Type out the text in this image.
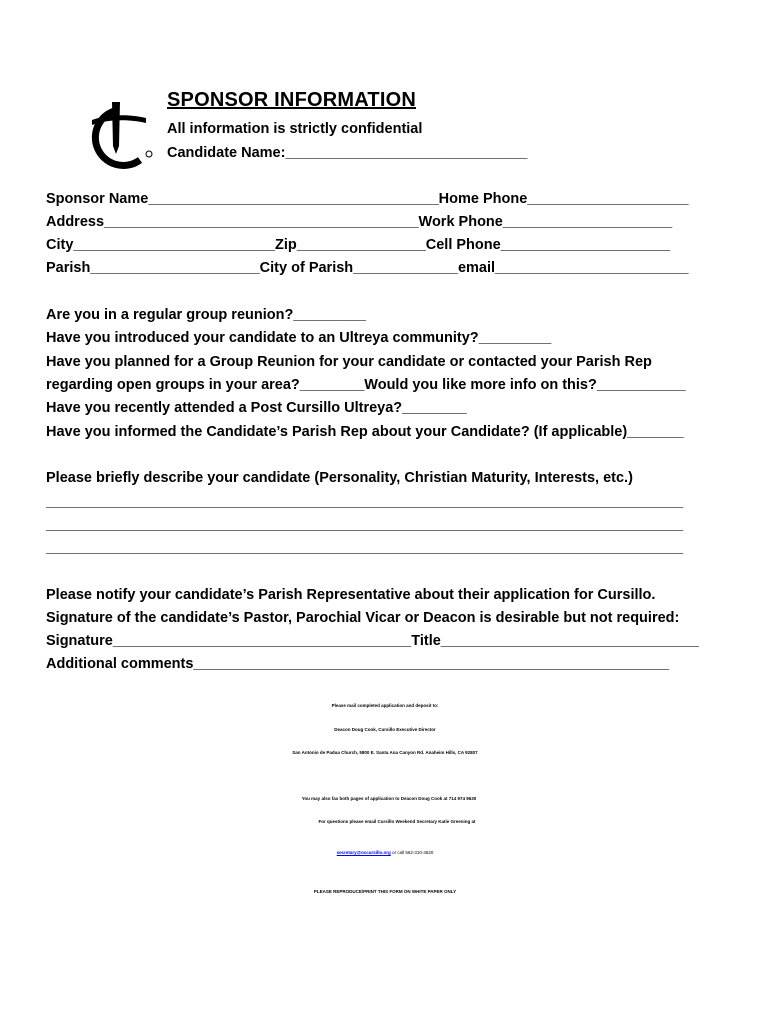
SPONSOR INFORMATION
All information is strictly confidential
Candidate Name:______________________________
Sponsor Name____________________________________Home Phone____________________
Address_______________________________________Work Phone_____________________
City_________________________Zip________________Cell Phone_____________________
Parish_____________________City of Parish_____________email________________________
Are you in a regular group reunion?_________
Have you introduced your candidate to an Ultreya community?_________
Have you planned for a Group Reunion for your candidate or contacted your Parish Rep
regarding open groups in your area?________Would you like more info on this?___________
Have you recently attended a Post Cursillo Ultreya?________
Have you informed the Candidate’s Parish Rep about your Candidate? (If applicable)_______
Please briefly describe your candidate (Personality, Christian Maturity, Interests, etc.)
_______________________________________________________________________________
_______________________________________________________________________________
_______________________________________________________________________________
Please notify your candidate’s Parish Representative about their application for Cursillo.
Signature of the candidate’s Pastor, Parochial Vicar or Deacon is desirable but not required:
Signature_____________________________________Title________________________________
Additional comments___________________________________________________________
Please mail completed application and deposit to:
Deacon Doug Cook, Cursillo Executive Director
San Antonio de Padua Church, 5800 E. Santa Ana Canyon Rd. Anaheim Hills, CA 92807
You may also fax both pages of application to Deacon Doug Cook at 714 974 9630
For questions please email Cursillo Weekend Secretary Katie Greening at
secretary@occursillo.org or call 562-310-4620
PLEASE REPRODUCE/PRINT THIS FORM ON WHITE PAPER ONLY
